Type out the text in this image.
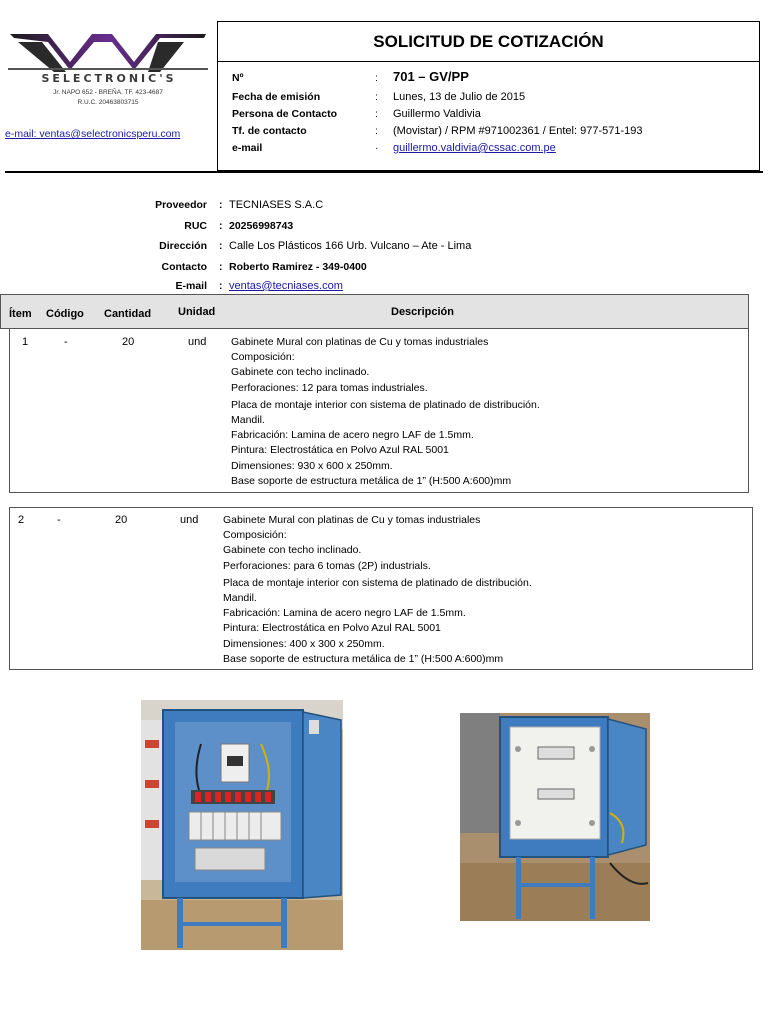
SELECTRONIC'S
Jr. NAPO 652 - BREÑA, TF. 423-4687
R.U.C. 20463803715
e-mail: ventas@selectronicsperu.com
SOLICITUD DE COTIZACIÓN
Nº	: 701 – GV/PP
Fecha de emisión	: Lunes, 13 de Julio de 2015
Persona de Contacto	: Guillermo Valdivia
Tf. de contacto	: (Movistar) / RPM #971002361 / Entel: 977-571-193
e-mail	· guillermo.valdivia@cssac.com.pe
Proveedor : TECNIASES S.A.C
RUC : 20256998743
Dirección : Calle Los Plásticos 166 Urb. Vulcano – Ate - Lima
Contacto : Roberto Ramirez - 349-0400
E-mail : ventas@tecniases.com
Ítem Código Cantidad Unidad	Descripción
1	-	20	und Gabinete Mural con platinas de Cu y tomas industriales
Composición:
Gabinete con techo inclinado.
Perforaciones: 12 para tomas industriales.
Placa de montaje interior con sistema de platinado de distribución.
Mandil.
Fabricación: Lamina de acero negro LAF de 1.5mm.
Pintura: Electrostática en Polvo Azul RAL 5001
Dimensiones: 930 x 600 x 250mm.
Base soporte de estructura metálica de 1” (H:500 A:600)mm
2	-	20	und Gabinete Mural con platinas de Cu y tomas industriales
Composición:
Gabinete con techo inclinado.
Perforaciones: para 6 tomas (2P) industrials.
Placa de montaje interior con sistema de platinado de distribución.
Mandil.
Fabricación: Lamina de acero negro LAF de 1.5mm.
Pintura: Electrostática en Polvo Azul RAL 5001
Dimensiones: 400 x 300 x 250mm.
Base soporte de estructura metálica de 1” (H:500 A:600)mm
